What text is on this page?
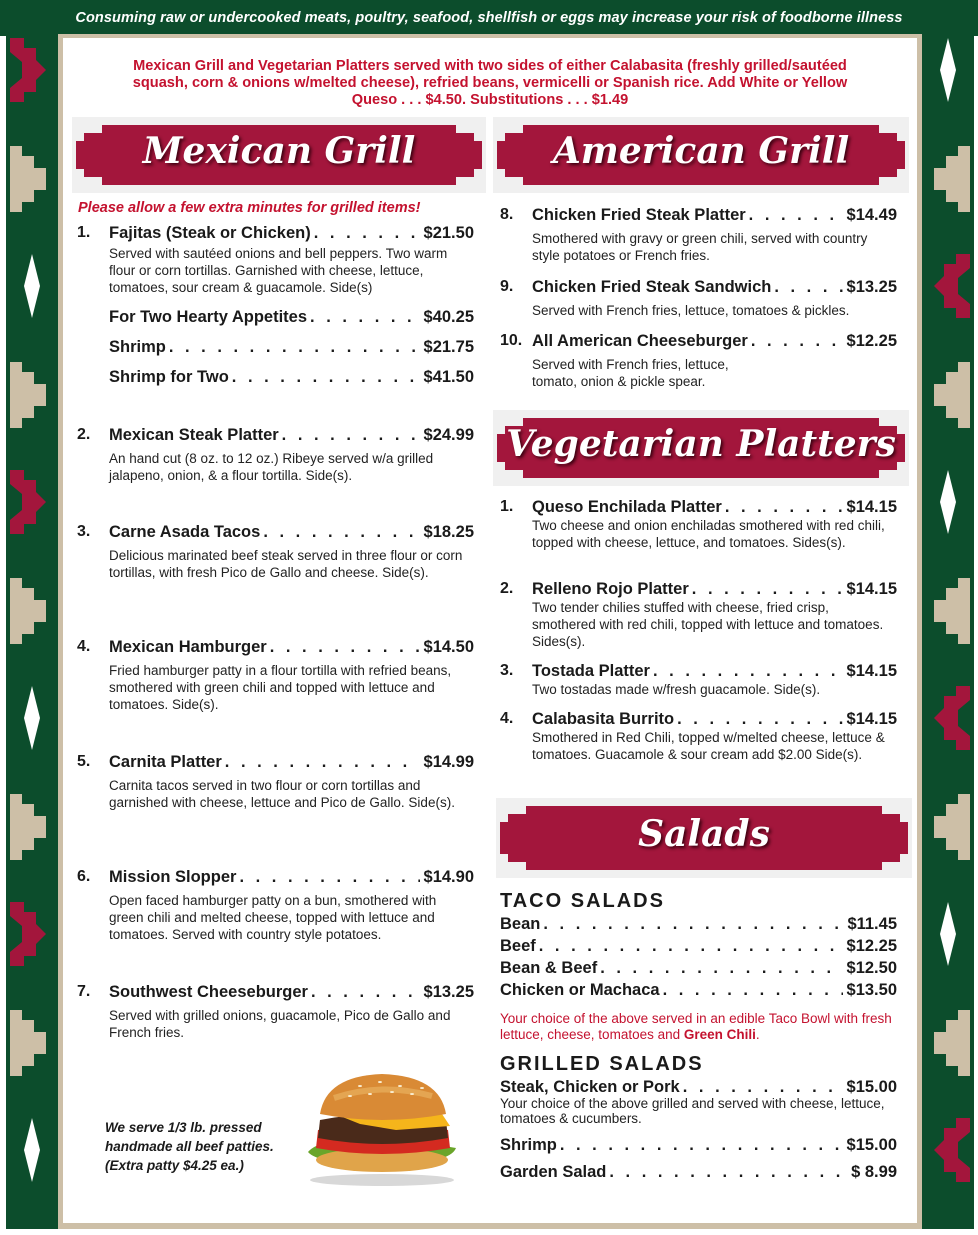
Consuming raw or undercooked meats, poultry, seafood, shellfish or eggs may increase your risk of foodborne illness
Mexican Grill and Vegetarian Platters served with two sides of either Calabasita (freshly grilled/sautéed squash, corn & onions w/melted cheese), refried beans, vermicelli or Spanish rice. Add White or Yellow Queso . . . $4.50. Substitutions . . . $1.49
Mexican Grill	American Grill
Vegetarian Platters
Salads
Please allow a few extra minutes for grilled items!
1. Fajitas (Steak or Chicken) . . .	$21.50
Served with sautéed onions and bell peppers. Two warm flour or corn tortillas. Garnished with cheese, lettuce, tomatoes, sour cream & guacamole. Side(s)
For Two Hearty Appetites . . .	$40.25
Shrimp . . .	$21.75
Shrimp for Two . . .	$41.50
2. Mexican Steak Platter . . .	$24.99
An hand cut (8 oz. to 12 oz.) Ribeye served w/a grilled jalapeno, onion, & a flour tortilla. Side(s).
3. Carne Asada Tacos . . .	$18.25
Delicious marinated beef steak served in three flour or corn tortillas, with fresh Pico de Gallo and cheese. Side(s).
4. Mexican Hamburger . . .	$14.50
Fried hamburger patty in a flour tortilla with refried beans, smothered with green chili and topped with lettuce and tomatoes. Side(s).
5. Carnita Platter . . .	$14.99
Carnita tacos served in two flour or corn tortillas and garnished with cheese, lettuce and Pico de Gallo. Side(s).
6. Mission Slopper . . .	$14.90
Open faced hamburger patty on a bun, smothered with green chili and melted cheese, topped with lettuce and tomatoes. Served with country style potatoes.
7. Southwest Cheeseburger . . .	$13.25
Served with grilled onions, guacamole, Pico de Gallo and French fries.
We serve 1/3 lb. pressed handmade all beef patties. (Extra patty $4.25 ea.)
8. Chicken Fried Steak Platter . . .	$14.49
Smothered with gravy or green chili, served with country style potatoes or French fries.
9. Chicken Fried Steak Sandwich . . .	$13.25
Served with French fries, lettuce, tomatoes & pickles.
10. All American Cheeseburger . . .	$12.25
Served with French fries, lettuce, tomato, onion & pickle spear.
1. Queso Enchilada Platter . . .	$14.15
Two cheese and onion enchiladas smothered with red chili, topped with cheese, lettuce, and tomatoes. Sides(s).
2. Relleno Rojo Platter . . .	$14.15
Two tender chilies stuffed with cheese, fried crisp, smothered with red chili, topped with lettuce and tomatoes. Sides(s).
3. Tostada Platter . . .	$14.15
Two tostadas made w/fresh guacamole. Side(s).
4. Calabasita Burrito . . .	$14.15
Smothered in Red Chili, topped w/melted cheese, lettuce & tomatoes. Guacamole & sour cream add $2.00 Side(s).
TACO SALADS
Bean . . .	$11.45
Beef . . .	$12.25
Bean & Beef . . .	$12.50
Chicken or Machaca . . .	$13.50
Your choice of the above served in an edible Taco Bowl with fresh lettuce, cheese, tomatoes and Green Chili.
GRILLED SALADS
Steak, Chicken or Pork . . .	$15.00
Your choice of the above grilled and served with cheese, lettuce, tomatoes & cucumbers.
Shrimp . . .	$15.00
Garden Salad . . .	$ 8.99
